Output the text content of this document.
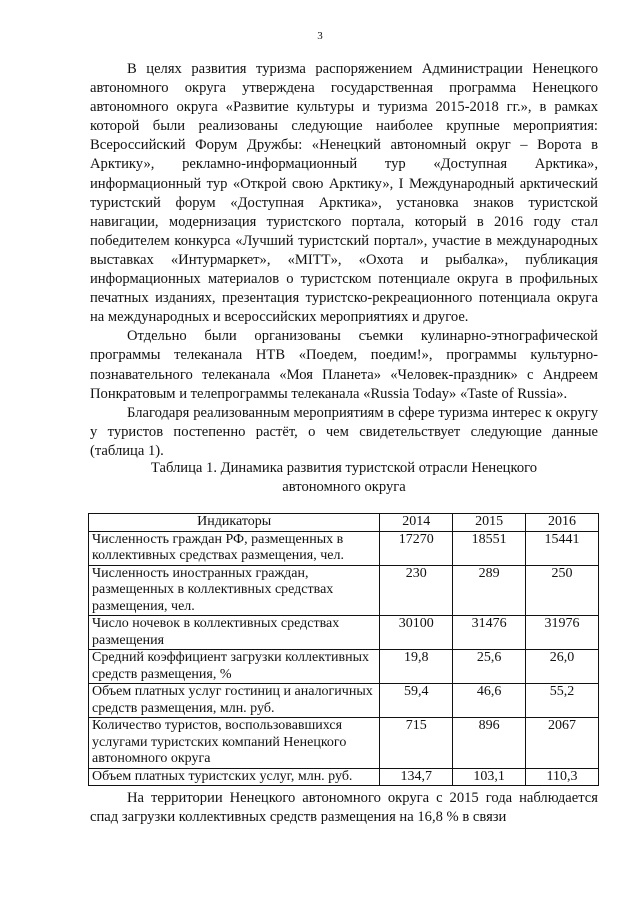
3

В целях развития туризма распоряжением Администрации Ненецкого автономного округа утверждена государственная программа Ненецкого автономного округа «Развитие культуры и туризма 2015-2018 гг.», в рамках которой были реализованы следующие наиболее крупные мероприятия: Всероссийский Форум Дружбы: «Ненецкий автономный округ – Ворота в Арктику», рекламно-информационный тур «Доступная Арктика», информационный тур «Открой свою Арктику», I Международный арктический туристский форум «Доступная Арктика», установка знаков туристской навигации, модернизация туристского портала, который в 2016 году стал победителем конкурса «Лучший туристский портал», участие в международных выставках «Интурмаркет», «МITT», «Охота и рыбалка», публикация информационных материалов о туристском потенциале округа в профильных печатных изданиях, презентация туристско-рекреационного потенциала округа на международных и всероссийских мероприятиях и другое.

Отдельно были организованы съемки кулинарно-этнографической программы телеканала НТВ «Поедем, поедим!», программы культурно-познавательного телеканала «Моя Планета» «Человек-праздник» с Андреем Понкратовым и телепрограммы телеканала «Russia Today» «Taste of Russia».

Благодаря реализованным мероприятиям в сфере туризма интерес к округу у туристов постепенно растёт, о чем свидетельствует следующие данные (таблица 1).

Таблица 1. Динамика развития туристской отрасли Ненецкого
автономного округа
Индикаторы	2014	2015	2016
Численность граждан РФ, размещенных в коллективных средствах размещения, чел.	17270	18551	15441
Численность иностранных граждан, размещенных в коллективных средствах размещения, чел.	230	289	250
Число ночевок в коллективных средствах размещения	30100	31476	31976
Средний коэффициент загрузки коллективных средств размещения, %	19,8	25,6	26,0
Объем платных услуг гостиниц и аналогичных средств размещения, млн. руб.	59,4	46,6	55,2
Количество туристов, воспользовавшихся услугами туристских компаний Ненецкого автономного округа	715	896	2067
Объем платных туристских услуг, млн. руб.	134,7	103,1	110,3

На территории Ненецкого автономного округа с 2015 года наблюдается спад загрузки коллективных средств размещения на 16,8 % в связи
